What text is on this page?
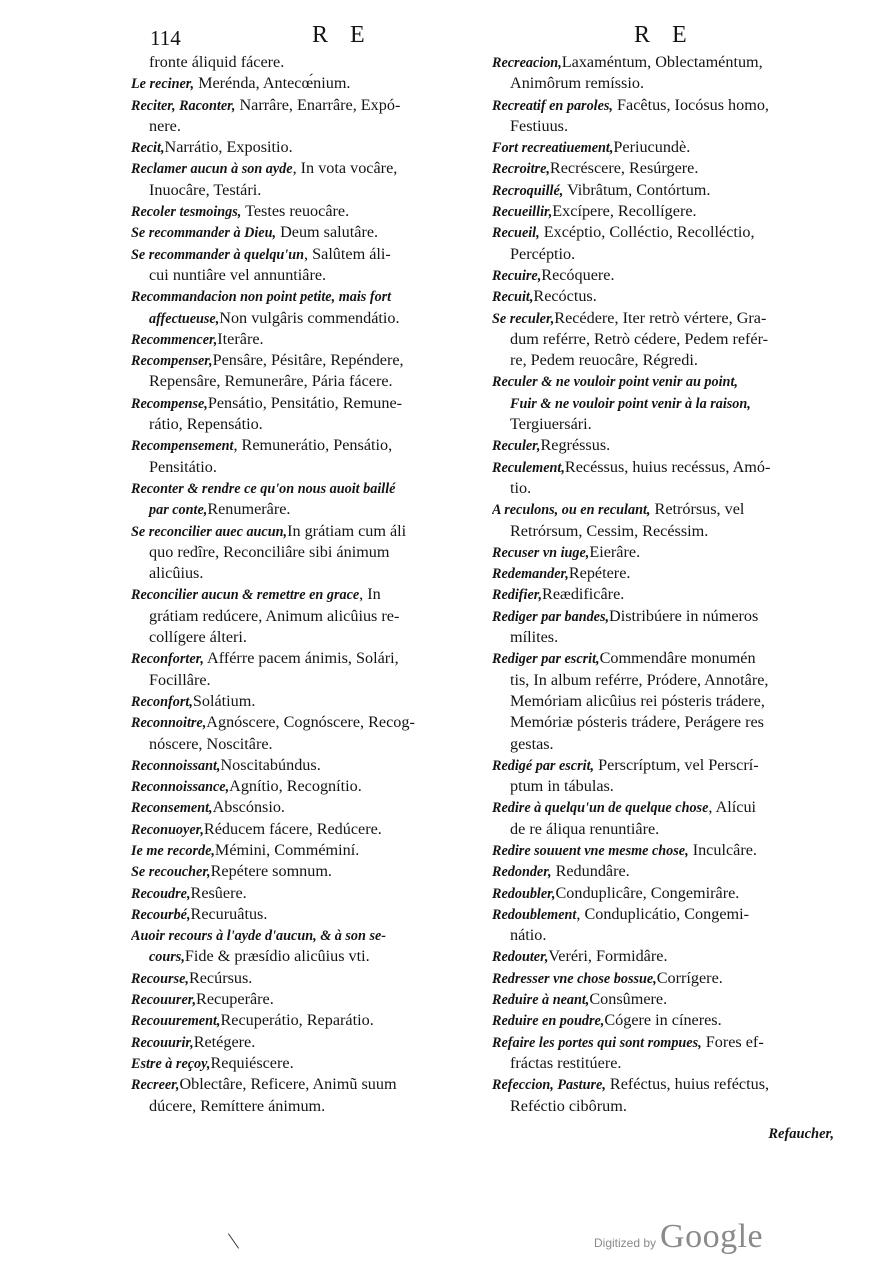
114	R E	R E
fronte áliquid fácere.
Le reciner, Merénda, Antecœ́nium.
Reciter, Raconter, Narrâre, Enarrâre, Expó-
nere.
Recit,Narrátio, Expositio.
Reclamer aucun à son ayde, In vota vocâre,
Inuocâre, Testári.
Recoler tesmoings, Testes reuocâre.
Se recommander à Dieu, Deum salutâre.
Se recommander à quelqu'un, Salûtem áli-
cui nuntiâre vel annuntiâre.
Recommandacion non point petite, mais fort
affectueuse,Non vulgâris commendátio.
Recommencer,Iterâre.
Recompenser,Pensâre, Pésitâre, Repéndere,
Repensâre, Remunerâre, Pária fácere.
Recompense,Pensátio, Pensitátio, Remune-
rátio, Repensátio.
Recompensement, Remunerátio, Pensátio,
Pensitátio.
Reconter & rendre ce qu'on nous auoit baillé
par conte,Renumerâre.
Se reconcilier auec aucun,In grátiam cum áli
quo redîre, Reconciliâre sibi ánimum
alicûius.
Reconcilier aucun & remettre en grace, In
grátiam redúcere, Animum alicûius re-
collígere álteri.
Reconforter, Afférre pacem ánimis, Solári,
Focillâre.
Reconfort,Solátium.
Reconnoitre,Agnóscere, Cognóscere, Recog-
nóscere, Noscitâre.
Reconnoissant,Noscitabúndus.
Reconnoissance,Agnítio, Recognítio.
Reconsement,Abscónsio.
Reconuoyer,Réducem fácere, Redúcere.
Ie me recorde,Mémini, Comméminí.
Se recoucher,Repétere somnum.
Recoudre,Resûere.
Recourbé,Recuruâtus.
Auoir recours à l'ayde d'aucun, & à son se-
cours,Fide & præsídio alicûius vti.
Recourse,Recúrsus.
Recouurer,Recuperâre.
Recouurement,Recuperátio, Reparátio.
Recouurir,Retégere.
Estre à reçoy,Requiéscere.
Recreer,Oblectâre, Reficere, Animũ suum
dúcere, Remíttere ánimum.
Recreacion,Laxaméntum, Oblectaméntum,
Animôrum remíssio.
Recreatif en paroles, Facêtus, Iocósus homo,
Festiuus.
Fort recreatiuement,Periucundè.
Recroitre,Recréscere, Resúrgere.
Recroquillé, Vibrâtum, Contórtum.
Recueillir,Excípere, Recollígere.
Recueil, Excéptio, Colléctio, Recolléctio,
Percéptio.
Recuire,Recóquere.
Recuit,Recóctus.
Se reculer,Recédere, Iter retrò vértere, Gra-
dum reférre, Retrò cédere, Pedem refér-
re, Pedem reuocâre, Régredi.
Reculer & ne vouloir point venir au point,
Fuir & ne vouloir point venir à la raison,
Tergiuersári.
Reculer,Regréssus.
Reculement,Recéssus, huius recéssus, Amó-
tio.
A reculons, ou en reculant, Retrórsus, vel
Retrórsum, Cessim, Recéssim.
Recuser vn iuge,Eierâre.
Redemander,Repétere.
Redifier,Reædificâre.
Rediger par bandes,Distribúere in números
mílites.
Rediger par escrit,Commendâre monumén
tis, In album reférre, Pródere, Annotâre,
Memóriam alicûius rei pósteris trádere,
Memóriæ pósteris trádere, Perágere res
gestas.
Redigé par escrit, Perscríptum, vel Perscrí-
ptum in tábulas.
Redire à quelqu'un de quelque chose, Alícui
de re áliqua renuntiâre.
Redire souuent vne mesme chose, Inculcâre.
Redonder, Redundâre.
Redoubler,Conduplicâre, Congemirâre.
Redoublement, Conduplicátio, Congemi-
nátio.
Redouter,Veréri, Formidâre.
Redresser vne chose bossue,Corrígere.
Reduire à neant,Consûmere.
Reduire en poudre,Cógere in cíneres.
Refaire les portes qui sont rompues, Fores ef-
fráctas restitúere.
Refeccion, Pasture, Reféctus, huius reféctus,
Reféctio cibôrum.
Refaucher,
Digitized by Google
